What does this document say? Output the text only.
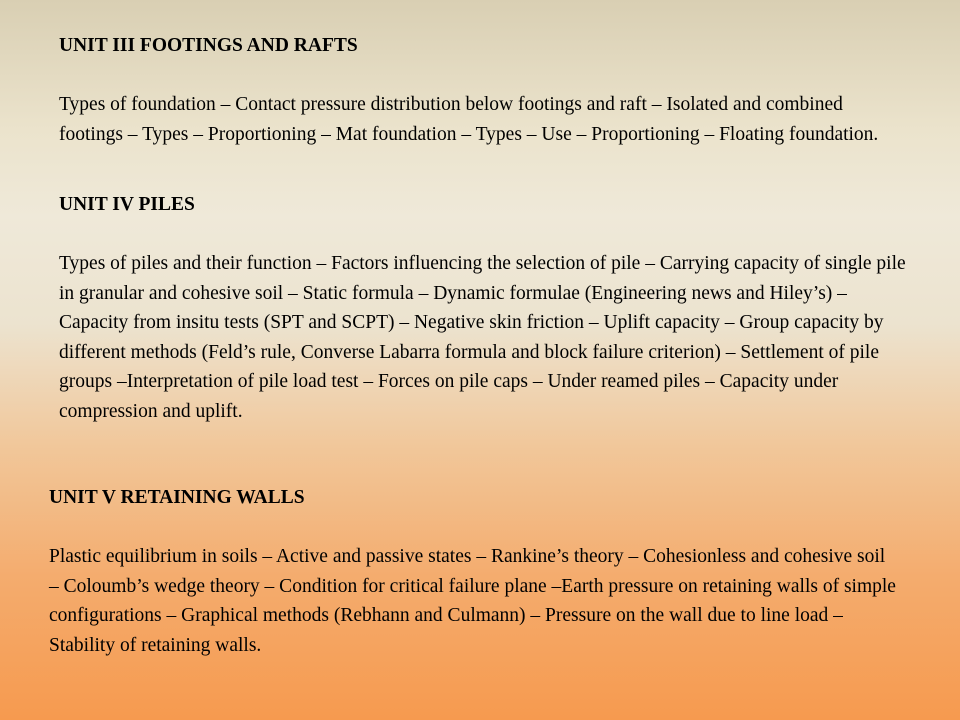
UNIT III FOOTINGS AND RAFTS

Types of foundation – Contact pressure distribution below footings and raft – Isolated and combined footings – Types – Proportioning – Mat foundation – Types – Use – Proportioning – Floating foundation.

UNIT IV PILES

Types of piles and their function – Factors influencing the selection of pile – Carrying capacity of single pile in granular and cohesive soil – Static formula – Dynamic formulae (Engineering news and Hiley’s) – Capacity from insitu tests (SPT and SCPT) – Negative skin friction – Uplift capacity – Group capacity by different methods (Feld’s rule, Converse Labarra formula and block failure criterion) – Settlement of pile groups –Interpretation of pile load test – Forces on pile caps – Under reamed piles – Capacity under compression and uplift.

UNIT V RETAINING WALLS

Plastic equilibrium in soils – Active and passive states – Rankine’s theory – Cohesionless and cohesive soil – Coloumb’s wedge theory – Condition for critical failure plane –Earth pressure on retaining walls of simple configurations – Graphical methods (Rebhann and Culmann) – Pressure on the wall due to line load – Stability of retaining walls.
